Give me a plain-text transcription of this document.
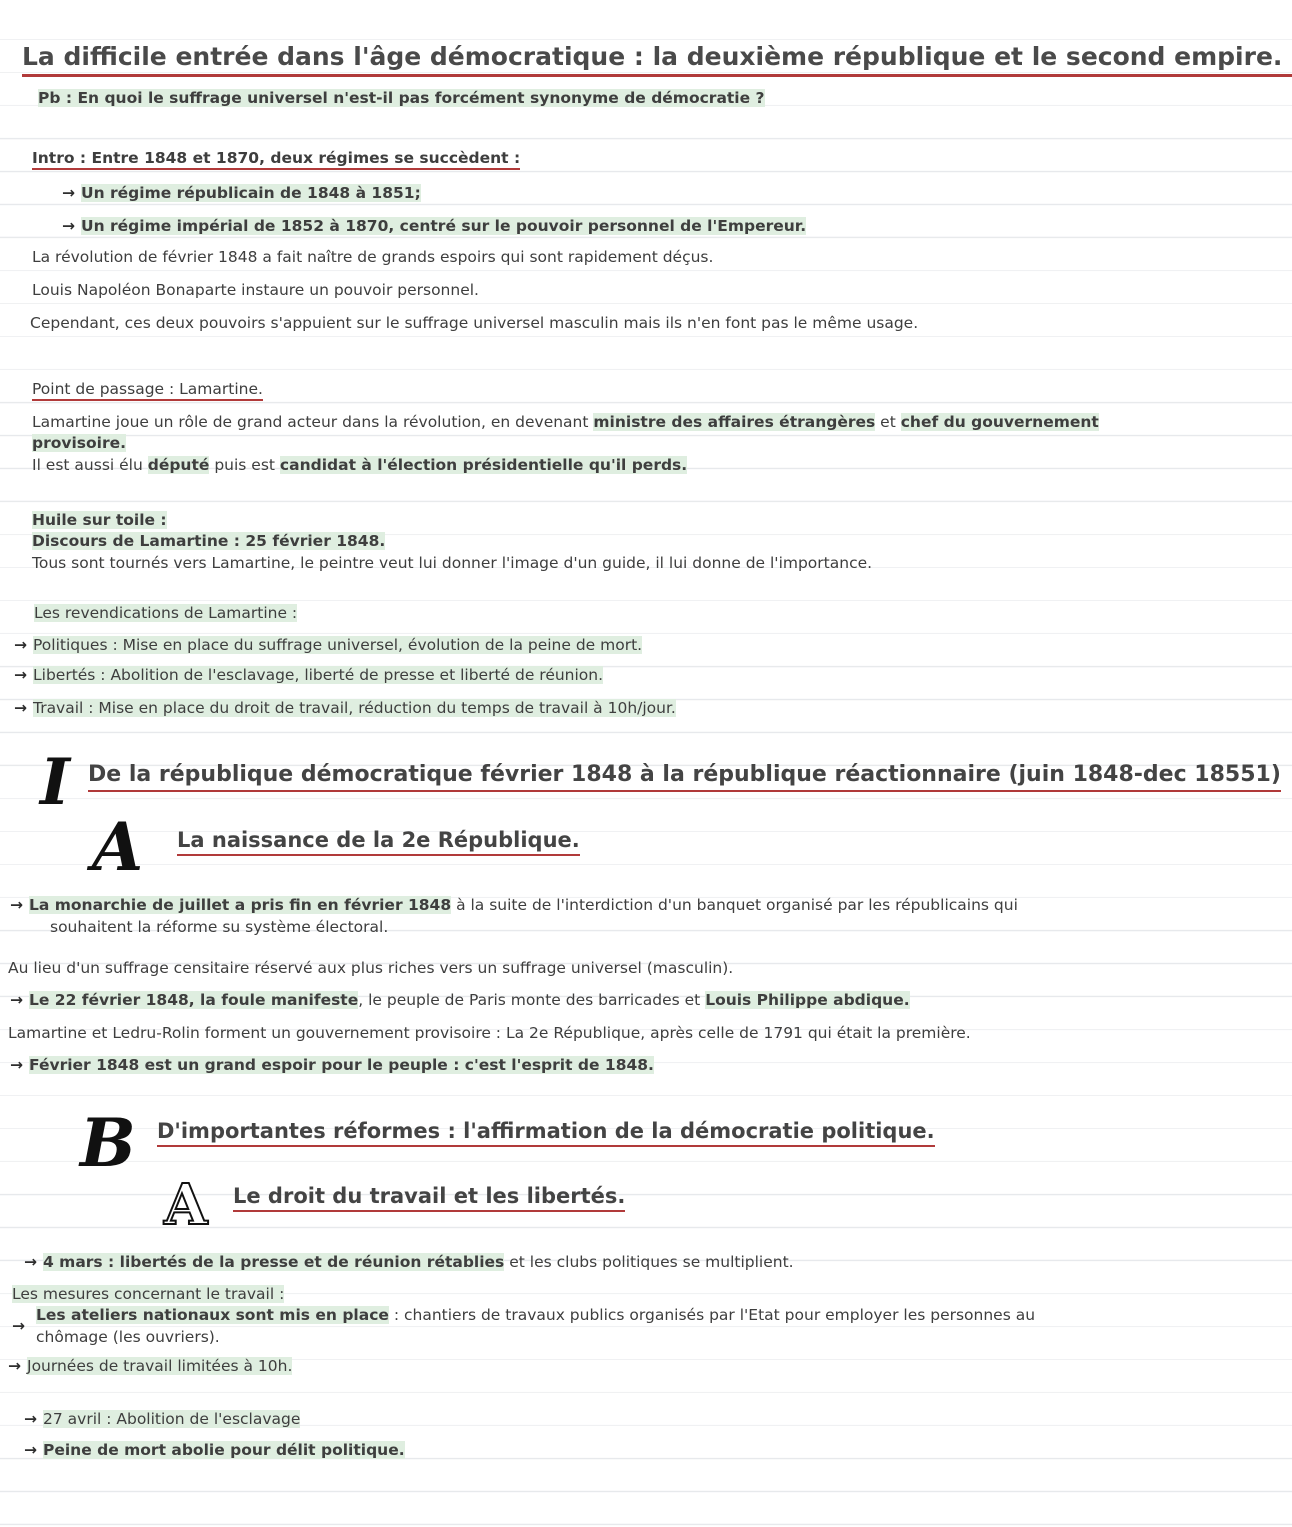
La difficile entrée dans l'âge démocratique : la deuxième république et le second empire.
Pb : En quoi le suffrage universel n'est-il pas forcément synonyme de démocratie ?
Intro : Entre 1848 et 1870, deux régimes se succèdent :
→ Un régime républicain de 1848 à 1851;
→ Un régime impérial de 1852 à 1870, centré sur le pouvoir personnel de l'Empereur.
La révolution de février 1848 a fait naître de grands espoirs qui sont rapidement déçus.
Louis Napoléon Bonaparte instaure un pouvoir personnel.
Cependant, ces deux pouvoirs s'appuient sur le suffrage universel masculin mais ils n'en font pas le même usage.
Point de passage : Lamartine.
Lamartine joue un rôle de grand acteur dans la révolution, en devenant ministre des affaires étrangères et chef du gouvernement
provisoire.
Il est aussi élu député puis est candidat à l'élection présidentielle qu'il perds.
Huile sur toile :
Discours de Lamartine : 25 février 1848.
Tous sont tournés vers Lamartine, le peintre veut lui donner l'image d'un guide, il lui donne de l'importance.
Les revendications de Lamartine :
→ Politiques : Mise en place du suffrage universel, évolution de la peine de mort.
→ Libertés : Abolition de l'esclavage, liberté de presse et liberté de réunion.
→ Travail : Mise en place du droit de travail, réduction du temps de travail à 10h/jour.
I De la république démocratique février 1848 à la république réactionnaire (juin 1848-dec 18551)
A La naissance de la 2e République.
→ La monarchie de juillet a pris fin en février 1848 à la suite de l'interdiction d'un banquet organisé par les républicains qui
souhaitent la réforme su système électoral.
Au lieu d'un suffrage censitaire réservé aux plus riches vers un suffrage universel (masculin).
→ Le 22 février 1848, la foule manifeste, le peuple de Paris monte des barricades et Louis Philippe abdique.
Lamartine et Ledru-Rolin forment un gouvernement provisoire : La 2e République, après celle de 1791 qui était la première.
→ Février 1848 est un grand espoir pour le peuple : c'est l'esprit de 1848.
B D'importantes réformes : l'affirmation de la démocratie politique.
A Le droit du travail et les libertés.
→ 4 mars : libertés de la presse et de réunion rétablies et les clubs politiques se multiplient.
Les mesures concernant le travail :
→
Les ateliers nationaux sont mis en place : chantiers de travaux publics organisés par l'Etat pour employer les personnes au
chômage (les ouvriers).
→ Journées de travail limitées à 10h.
→ 27 avril : Abolition de l'esclavage
→ Peine de mort abolie pour délit politique.
